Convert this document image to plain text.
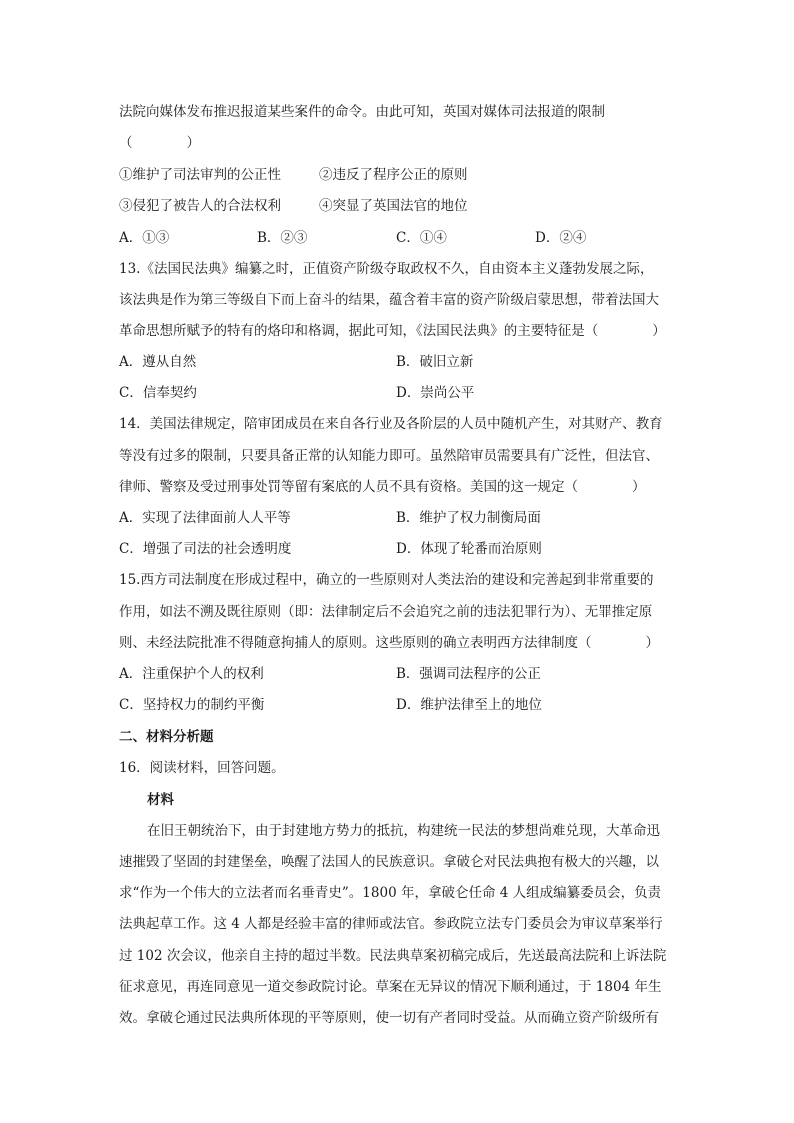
法院向媒体发布推迟报道某些案件的命令。由此可知，英国对媒体司法报道的限制
（　　　　）
①维护了司法审判的公正性	②违反了程序公正的原则
③侵犯了被告人的合法权利	④突显了英国法官的地位
A．①③	B．②③	C．①④	D．②④
13.《法国民法典》编纂之时，正值资产阶级夺取政权不久，自由资本主义蓬勃发展之际，
该法典是作为第三等级自下而上奋斗的结果，蕴含着丰富的资产阶级启蒙思想，带着法国大
革命思想所赋予的特有的烙印和格调，据此可知，《法国民法典》的主要特征是（　　　　）
A．遵从自然	B．破旧立新
C．信奉契约	D．崇尚公平
14．美国法律规定，陪审团成员在来自各行业及各阶层的人员中随机产生，对其财产、教育
等没有过多的限制，只要具备正常的认知能力即可。虽然陪审员需要具有广泛性，但法官、
律师、警察及受过刑事处罚等留有案底的人员不具有资格。美国的这一规定（　　　　）
A．实现了法律面前人人平等	B．维护了权力制衡局面
C．增强了司法的社会透明度	D．体现了轮番而治原则
15.西方司法制度在形成过程中，确立的一些原则对人类法治的建设和完善起到非常重要的
作用，如法不溯及既往原则（即：法律制定后不会追究之前的违法犯罪行为）、无罪推定原
则、未经法院批准不得随意拘捕人的原则。这些原则的确立表明西方法律制度（　　　　）
A．注重保护个人的权利	B．强调司法程序的公正
C．坚持权力的制约平衡	D．维护法律至上的地位
二、材料分析题
16．阅读材料，回答问题。
材料
在旧王朝统治下，由于封建地方势力的抵抗，构建统一民法的梦想尚难兑现，大革命迅
速摧毁了坚固的封建堡垒，唤醒了法国人的民族意识。拿破仑对民法典抱有极大的兴趣，以
求“作为一个伟大的立法者而名垂青史”。1800 年，拿破仑任命 4 人组成编纂委员会，负责
法典起草工作。这 4 人都是经验丰富的律师或法官。参政院立法专门委员会为审议草案举行
过 102 次会议，他亲自主持的超过半数。民法典草案初稿完成后，先送最高法院和上诉法院
征求意见，再连同意见一道交参政院讨论。草案在无异议的情况下顺利通过，于 1804 年生
效。拿破仑通过民法典所体现的平等原则，使一切有产者同时受益。从而确立资产阶级所有
